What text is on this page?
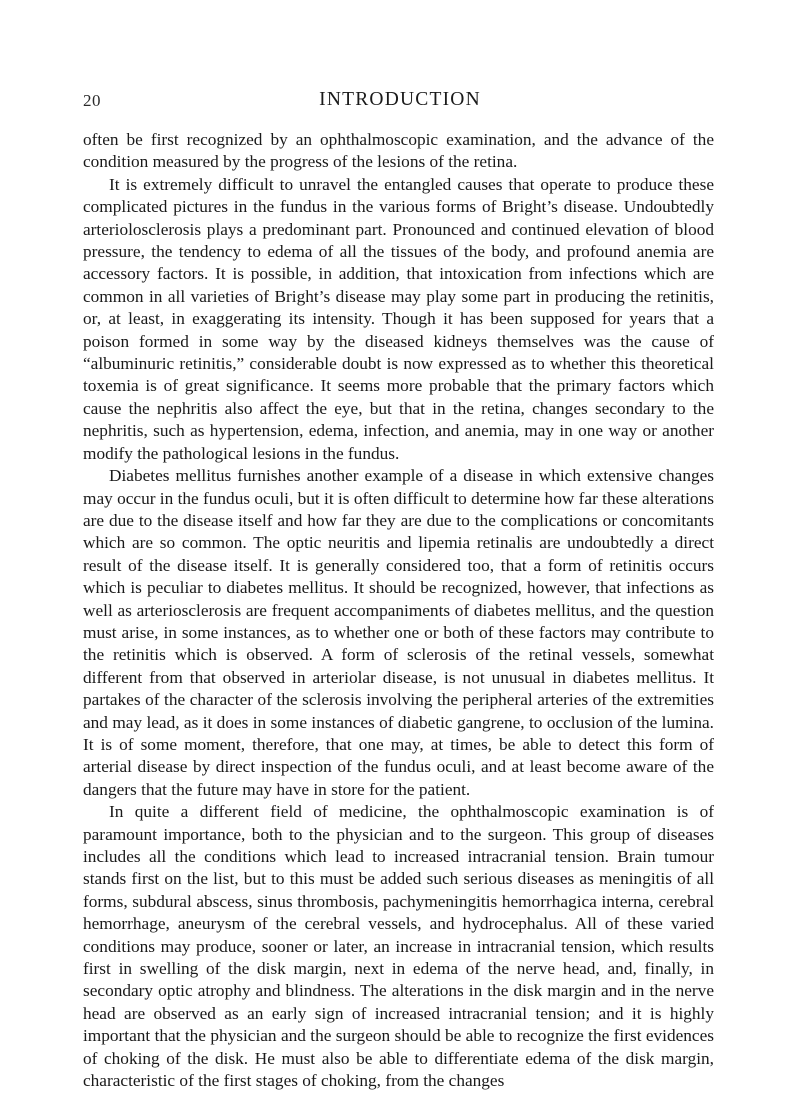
20	INTRODUCTION

often be first recognized by an ophthalmoscopic examination, and the advance of the condition measured by the progress of the lesions of the retina.

It is extremely difficult to unravel the entangled causes that operate to produce these complicated pictures in the fundus in the various forms of Bright’s disease. Undoubtedly arteriolosclerosis plays a predominant part. Pronounced and continued elevation of blood pressure, the tendency to edema of all the tissues of the body, and profound anemia are accessory factors. It is possible, in addition, that intoxication from infections which are common in all varieties of Bright’s disease may play some part in producing the retinitis, or, at least, in exaggerating its intensity. Though it has been supposed for years that a poison formed in some way by the diseased kidneys themselves was the cause of “albuminuric retinitis,” considerable doubt is now expressed as to whether this theoretical toxemia is of great significance. It seems more probable that the primary factors which cause the nephritis also affect the eye, but that in the retina, changes secondary to the nephritis, such as hypertension, edema, infection, and anemia, may in one way or another modify the pathological lesions in the fundus.

Diabetes mellitus furnishes another example of a disease in which extensive changes may occur in the fundus oculi, but it is often difficult to determine how far these alterations are due to the disease itself and how far they are due to the complications or concomitants which are so common. The optic neuritis and lipemia retinalis are undoubtedly a direct result of the disease itself. It is generally considered too, that a form of retinitis occurs which is peculiar to diabetes mellitus. It should be recognized, however, that infections as well as arteriosclerosis are frequent accompaniments of diabetes mellitus, and the question must arise, in some instances, as to whether one or both of these factors may contribute to the retinitis which is observed. A form of sclerosis of the retinal vessels, somewhat different from that observed in arteriolar disease, is not unusual in diabetes mellitus. It partakes of the character of the sclerosis involving the peripheral arteries of the extremities and may lead, as it does in some instances of diabetic gangrene, to occlusion of the lumina. It is of some moment, therefore, that one may, at times, be able to detect this form of arterial disease by direct inspection of the fundus oculi, and at least become aware of the dangers that the future may have in store for the patient.

In quite a different field of medicine, the ophthalmoscopic examination is of paramount importance, both to the physician and to the surgeon. This group of diseases includes all the conditions which lead to increased intracranial tension. Brain tumour stands first on the list, but to this must be added such serious diseases as meningitis of all forms, subdural abscess, sinus thrombosis, pachymeningitis hemorrhagica interna, cerebral hemorrhage, aneurysm of the cerebral vessels, and hydrocephalus. All of these varied conditions may produce, sooner or later, an increase in intracranial tension, which results first in swelling of the disk margin, next in edema of the nerve head, and, finally, in secondary optic atrophy and blindness. The alterations in the disk margin and in the nerve head are observed as an early sign of increased intracranial tension; and it is highly important that the physician and the surgeon should be able to recognize the first evidences of choking of the disk. He must also be able to differentiate edema of the disk margin, characteristic of the first stages of choking, from the changes
